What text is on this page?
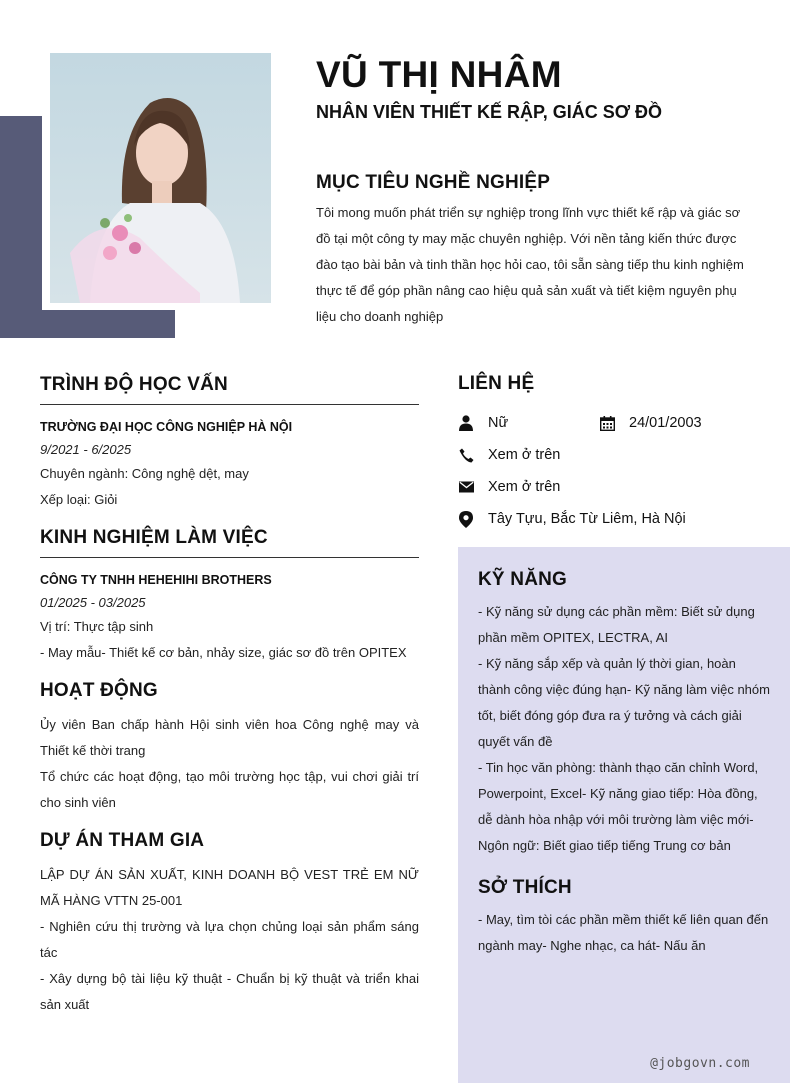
VŨ THỊ NHÂM
NHÂN VIÊN THIẾT KẾ RẬP, GIÁC SƠ ĐỒ
MỤC TIÊU NGHỀ NGHIỆP
Tôi mong muốn phát triển sự nghiệp trong lĩnh vực thiết kế rập và giác sơ đồ tại một công ty may mặc chuyên nghiệp. Với nền tảng kiến thức được đào tạo bài bản và tinh thần học hỏi cao, tôi sẵn sàng tiếp thu kinh nghiệm thực tế để góp phần nâng cao hiệu quả sản xuất và tiết kiệm nguyên phụ liệu cho doanh nghiệp
TRÌNH ĐỘ HỌC VẤN
TRƯỜNG ĐẠI HỌC CÔNG NGHIỆP HÀ NỘI
9/2021 - 6/2025
Chuyên ngành: Công nghệ dệt, may
Xếp loại: Giỏi
KINH NGHIỆM LÀM VIỆC
CÔNG TY TNHH HEHEHIHI BROTHERS
01/2025 - 03/2025
Vị trí: Thực tập sinh
- May mẫu- Thiết kế cơ bản, nhảy size, giác sơ đồ trên OPITEX
HOẠT ĐỘNG
Ủy viên Ban chấp hành Hội sinh viên hoa Công nghệ may và Thiết kế thời trang
Tổ chức các hoạt động, tạo môi trường học tập, vui chơi giải trí cho sinh viên
DỰ ÁN THAM GIA
LẬP DỰ ÁN SẢN XUẤT, KINH DOANH BỘ VEST TRẺ EM NỮ MÃ HÀNG VTTN 25-001
- Nghiên cứu thị trường và lựa chọn chủng loại sản phẩm sáng tác
- Xây dựng bộ tài liệu kỹ thuật - Chuẩn bị kỹ thuật và triển khai sản xuất
LIÊN HỆ
Nữ	24/01/2003
Xem ở trên
Xem ở trên
Tây Tựu, Bắc Từ Liêm, Hà Nội
KỸ NĂNG
- Kỹ năng sử dụng các phần mềm: Biết sử dụng phần mềm OPITEX, LECTRA, AI
- Kỹ năng sắp xếp và quản lý thời gian, hoàn thành công việc đúng hạn- Kỹ năng làm việc nhóm tốt, biết đóng góp đưa ra ý tưởng và cách giải quyết vấn đề
- Tin học văn phòng: thành thạo căn chỉnh Word, Powerpoint, Excel- Kỹ năng giao tiếp: Hòa đồng, dễ dành hòa nhập với môi trường làm việc mới- Ngôn ngữ: Biết giao tiếp tiếng Trung cơ bản
SỞ THÍCH
- May, tìm tòi các phần mềm thiết kế liên quan đến ngành may- Nghe nhạc, ca hát- Nấu ăn
@jobgovn.com
